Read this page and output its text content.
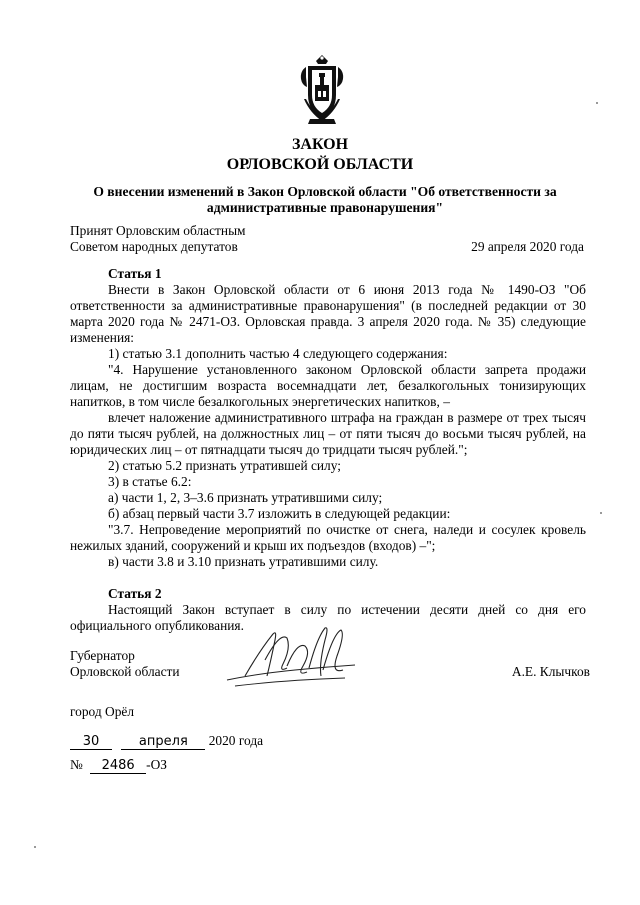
ЗАКОН
ОРЛОВСКОЙ ОБЛАСТИ
О внесении изменений в Закон Орловской области "Об ответственности за
административные правонарушения"
Принят Орловским областным
Советом народных депутатов	29 апреля 2020 года
Статья 1

Внести в Закон Орловской области от 6 июня 2013 года № 1490-ОЗ "Об ответственности за административные правонарушения" (в последней редакции от 30 марта 2020 года № 2471-ОЗ. Орловская правда. 3 апреля 2020 года. № 35) следующие изменения:

1) статью 3.1 дополнить частью 4 следующего содержания:

"4. Нарушение установленного законом Орловской области запрета продажи лицам, не достигшим возраста восемнадцати лет, безалкогольных тонизирующих напитков, в том числе безалкогольных энергетических напитков, –

влечет наложение административного штрафа на граждан в размере от трех тысяч до пяти тысяч рублей, на должностных лиц – от пяти тысяч до восьми тысяч рублей, на юридических лиц – от пятнадцати тысяч до тридцати тысяч рублей.";

2) статью 5.2 признать утратившей силу;

3) в статье 6.2:

а) части 1, 2, 3–3.6 признать утратившими силу;

б) абзац первый части 3.7 изложить в следующей редакции:

"3.7. Непроведение мероприятий по очистке от снега, наледи и сосулек кровель нежилых зданий, сооружений и крыш их подъездов (входов) –";

в) части 3.8 и 3.10 признать утратившими силу.

Статья 2

Настоящий Закон вступает в силу по истечении десяти дней со дня его официального опубликования.

Губернатор
Орловской области	А.Е. Клычков
город Орёл
30	апреля 2020 года
№ 2486 -ОЗ
